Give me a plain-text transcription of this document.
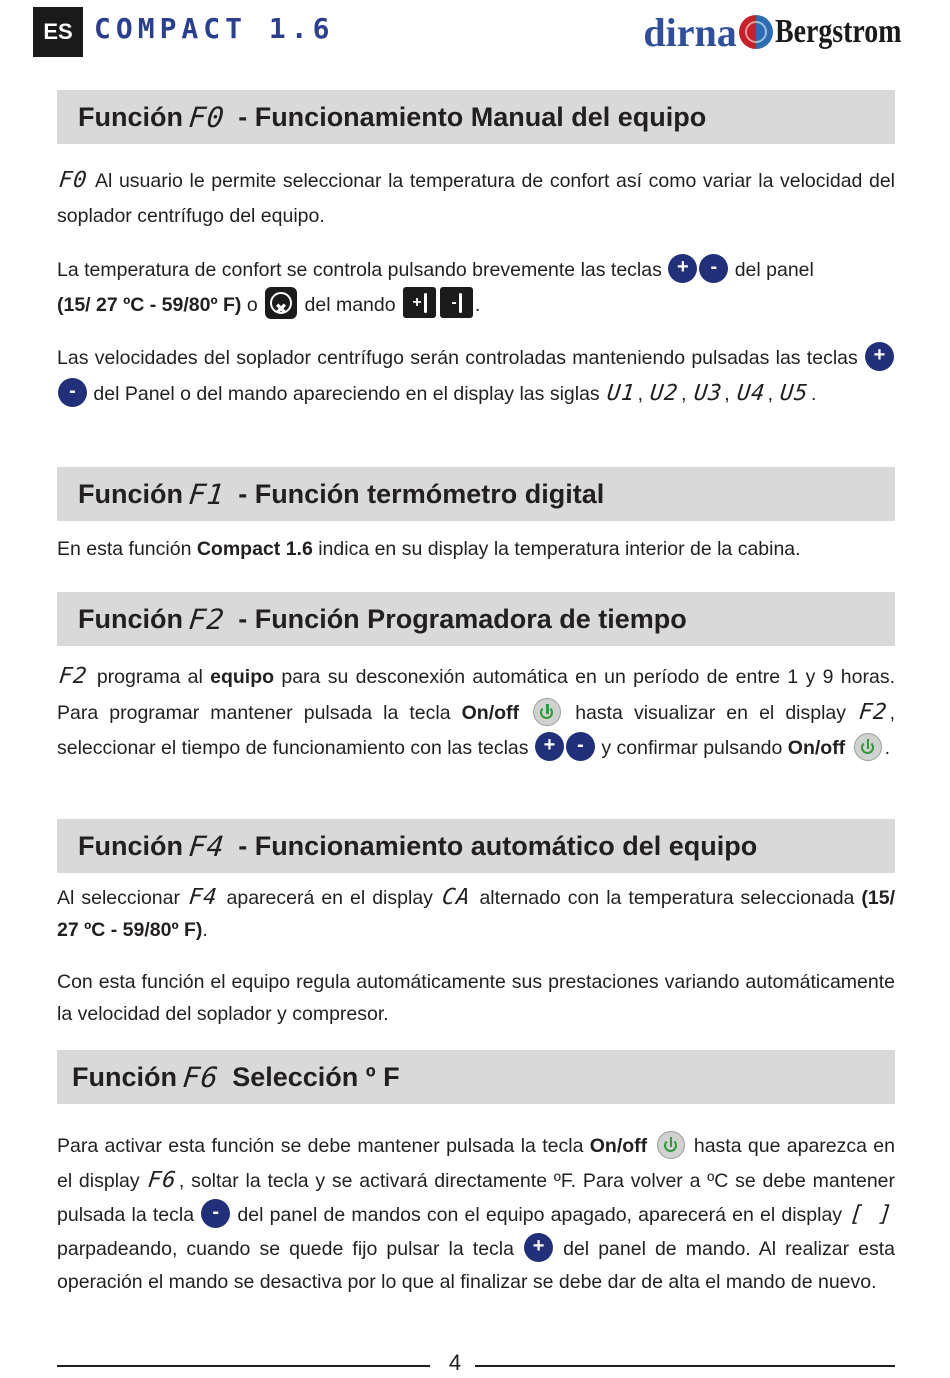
ES COMPACT 1.6	dirna Bergstrom
Función F0 - Funcionamiento Manual del equipo
F0 Al usuario le permite seleccionar la temperatura de confort así como variar la velocidad del soplador centrífugo del equipo.
La temperatura de confort se controla pulsando brevemente las teclas + - del panel
(15/ 27 ºC - 59/80º F) o ✖ del mando + - .
Las velocidades del soplador centrífugo serán controladas manteniendo pulsadas las teclas +- del Panel o del mando apareciendo en el display las siglas U1, U2, U3, U4, U5.
Función F1 - Función termómetro digital
En esta función Compact 1.6 indica en su display la temperatura interior de la cabina.
Función F2 - Función Programadora de tiempo
F2 programa al equipo para su desconexión automática en un período de entre 1 y 9 horas. Para programar mantener pulsada la tecla On/off	hasta visualizar en el display F2, seleccionar el tiempo de funcionamiento con las teclas + - y confirmar pulsando On/off .
Función F4 - Funcionamiento automático del equipo
Al seleccionar F4 aparecerá en el display CA alternado con la temperatura seleccionada (15/ 27 ºC - 59/80º F).
Con esta función el equipo regula automáticamente sus prestaciones variando automáticamente la velocidad del soplador y compresor.
Función F6 Selección º F
Para activar esta función se debe mantener pulsada la tecla On/off  hasta que aparezca en el display F6, soltar la tecla y se activará directamente ºF. Para volver a ºC se debe mantener pulsada la tecla - del panel de mandos con el equipo apagado, aparecerá en el display [ ] parpadeando, cuando se quede fijo pulsar la tecla + del panel de mando. Al realizar esta operación el mando se desactiva por lo que al finalizar se debe dar de alta el mando de nuevo.
4
